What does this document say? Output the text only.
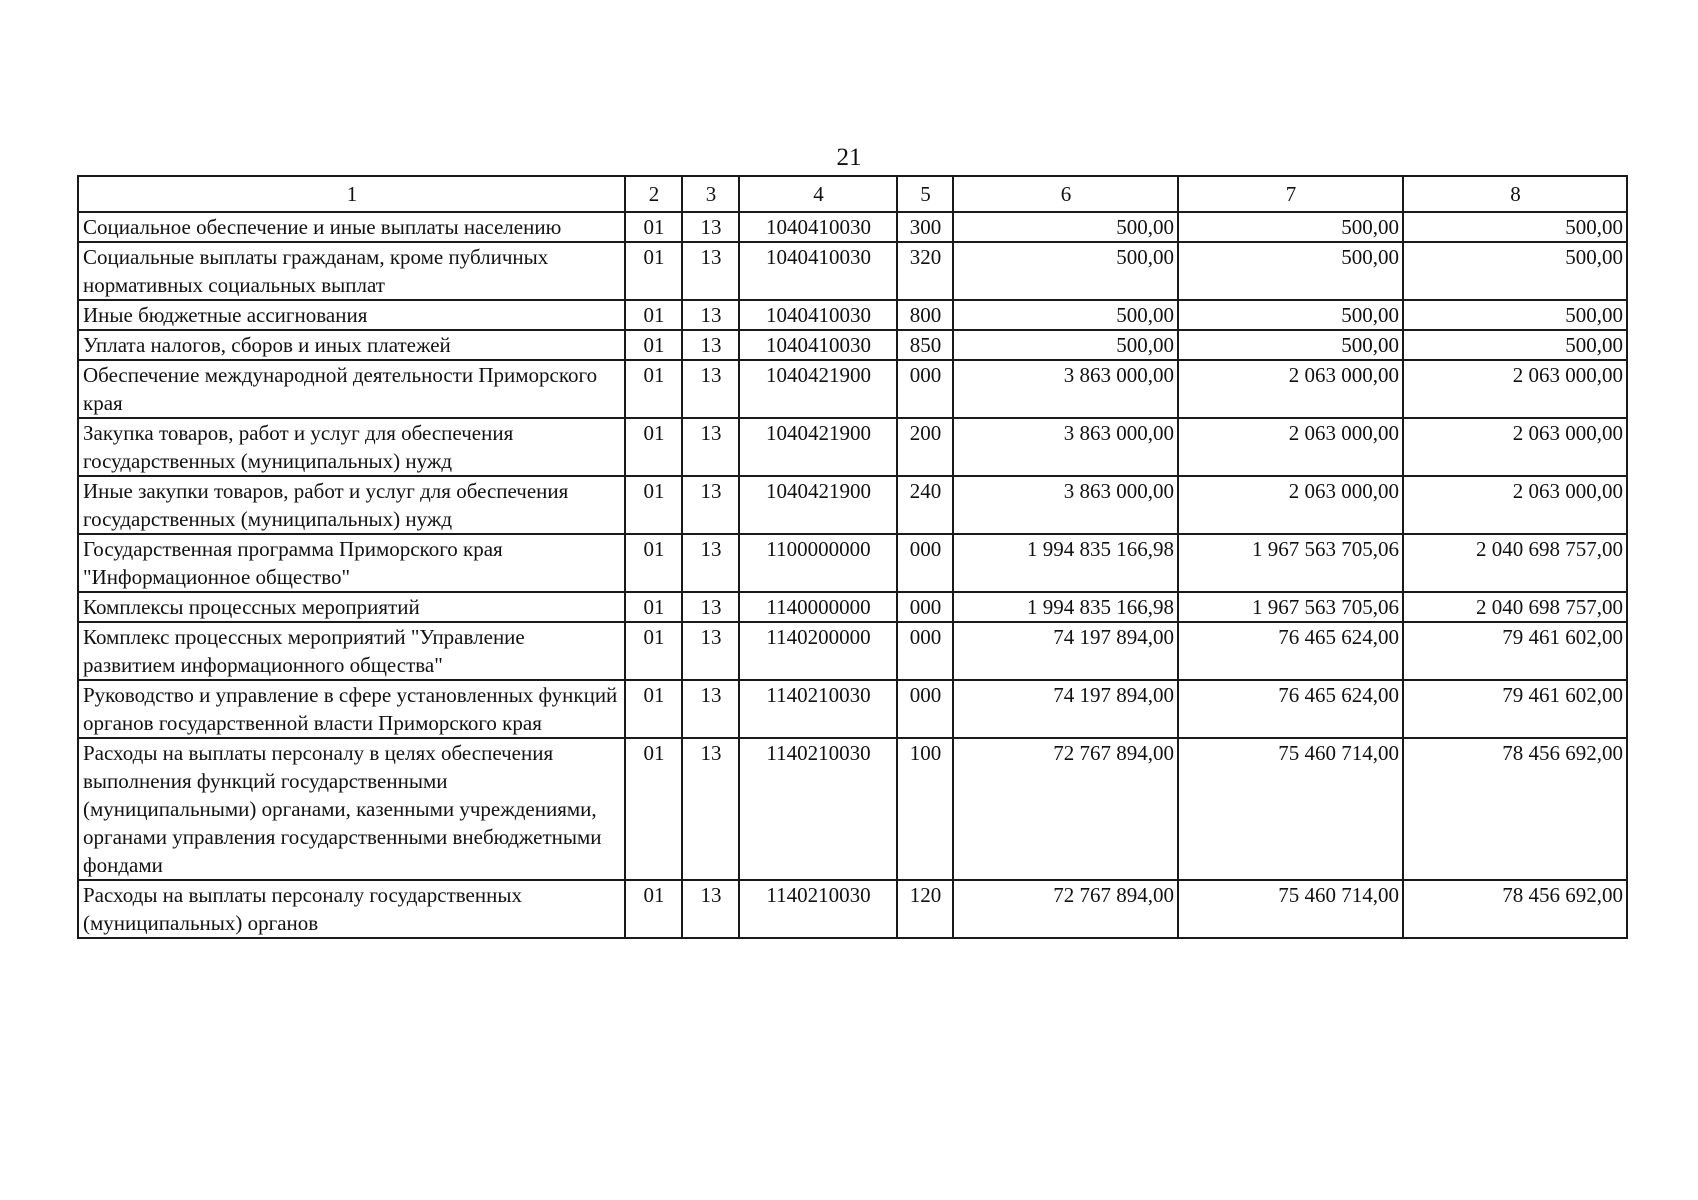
21
1	2	3	4	5	6	7	8
Социальное обеспечение и иные выплаты населению	01	13	1040410030	300	500,00	500,00	500,00
Социальные выплаты гражданам, кроме публичных нормативных социальных выплат	01	13	1040410030	320	500,00	500,00	500,00
Иные бюджетные ассигнования	01	13	1040410030	800	500,00	500,00	500,00
Уплата налогов, сборов и иных платежей	01	13	1040410030	850	500,00	500,00	500,00
Обеспечение международной деятельности Приморского края	01	13	1040421900	000	3 863 000,00	2 063 000,00	2 063 000,00
Закупка товаров, работ и услуг для обеспечения государственных (муниципальных) нужд	01	13	1040421900	200	3 863 000,00	2 063 000,00	2 063 000,00
Иные закупки товаров, работ и услуг для обеспечения государственных (муниципальных) нужд	01	13	1040421900	240	3 863 000,00	2 063 000,00	2 063 000,00
Государственная программа Приморского края "Информационное общество"	01	13	1100000000	000	1 994 835 166,98	1 967 563 705,06	2 040 698 757,00
Комплексы процессных мероприятий	01	13	1140000000	000	1 994 835 166,98	1 967 563 705,06	2 040 698 757,00
Комплекс процессных мероприятий "Управление развитием информационного общества"	01	13	1140200000	000	74 197 894,00	76 465 624,00	79 461 602,00
Руководство и управление в сфере установленных функций органов государственной власти Приморского края	01	13	1140210030	000	74 197 894,00	76 465 624,00	79 461 602,00
Расходы на выплаты персоналу в целях обеспечения выполнения функций государственными (муниципальными) органами, казенными учреждениями, органами управления государственными внебюджетными фондами	01	13	1140210030	100	72 767 894,00	75 460 714,00	78 456 692,00
Расходы на выплаты персоналу государственных (муниципальных) органов	01	13	1140210030	120	72 767 894,00	75 460 714,00	78 456 692,00
